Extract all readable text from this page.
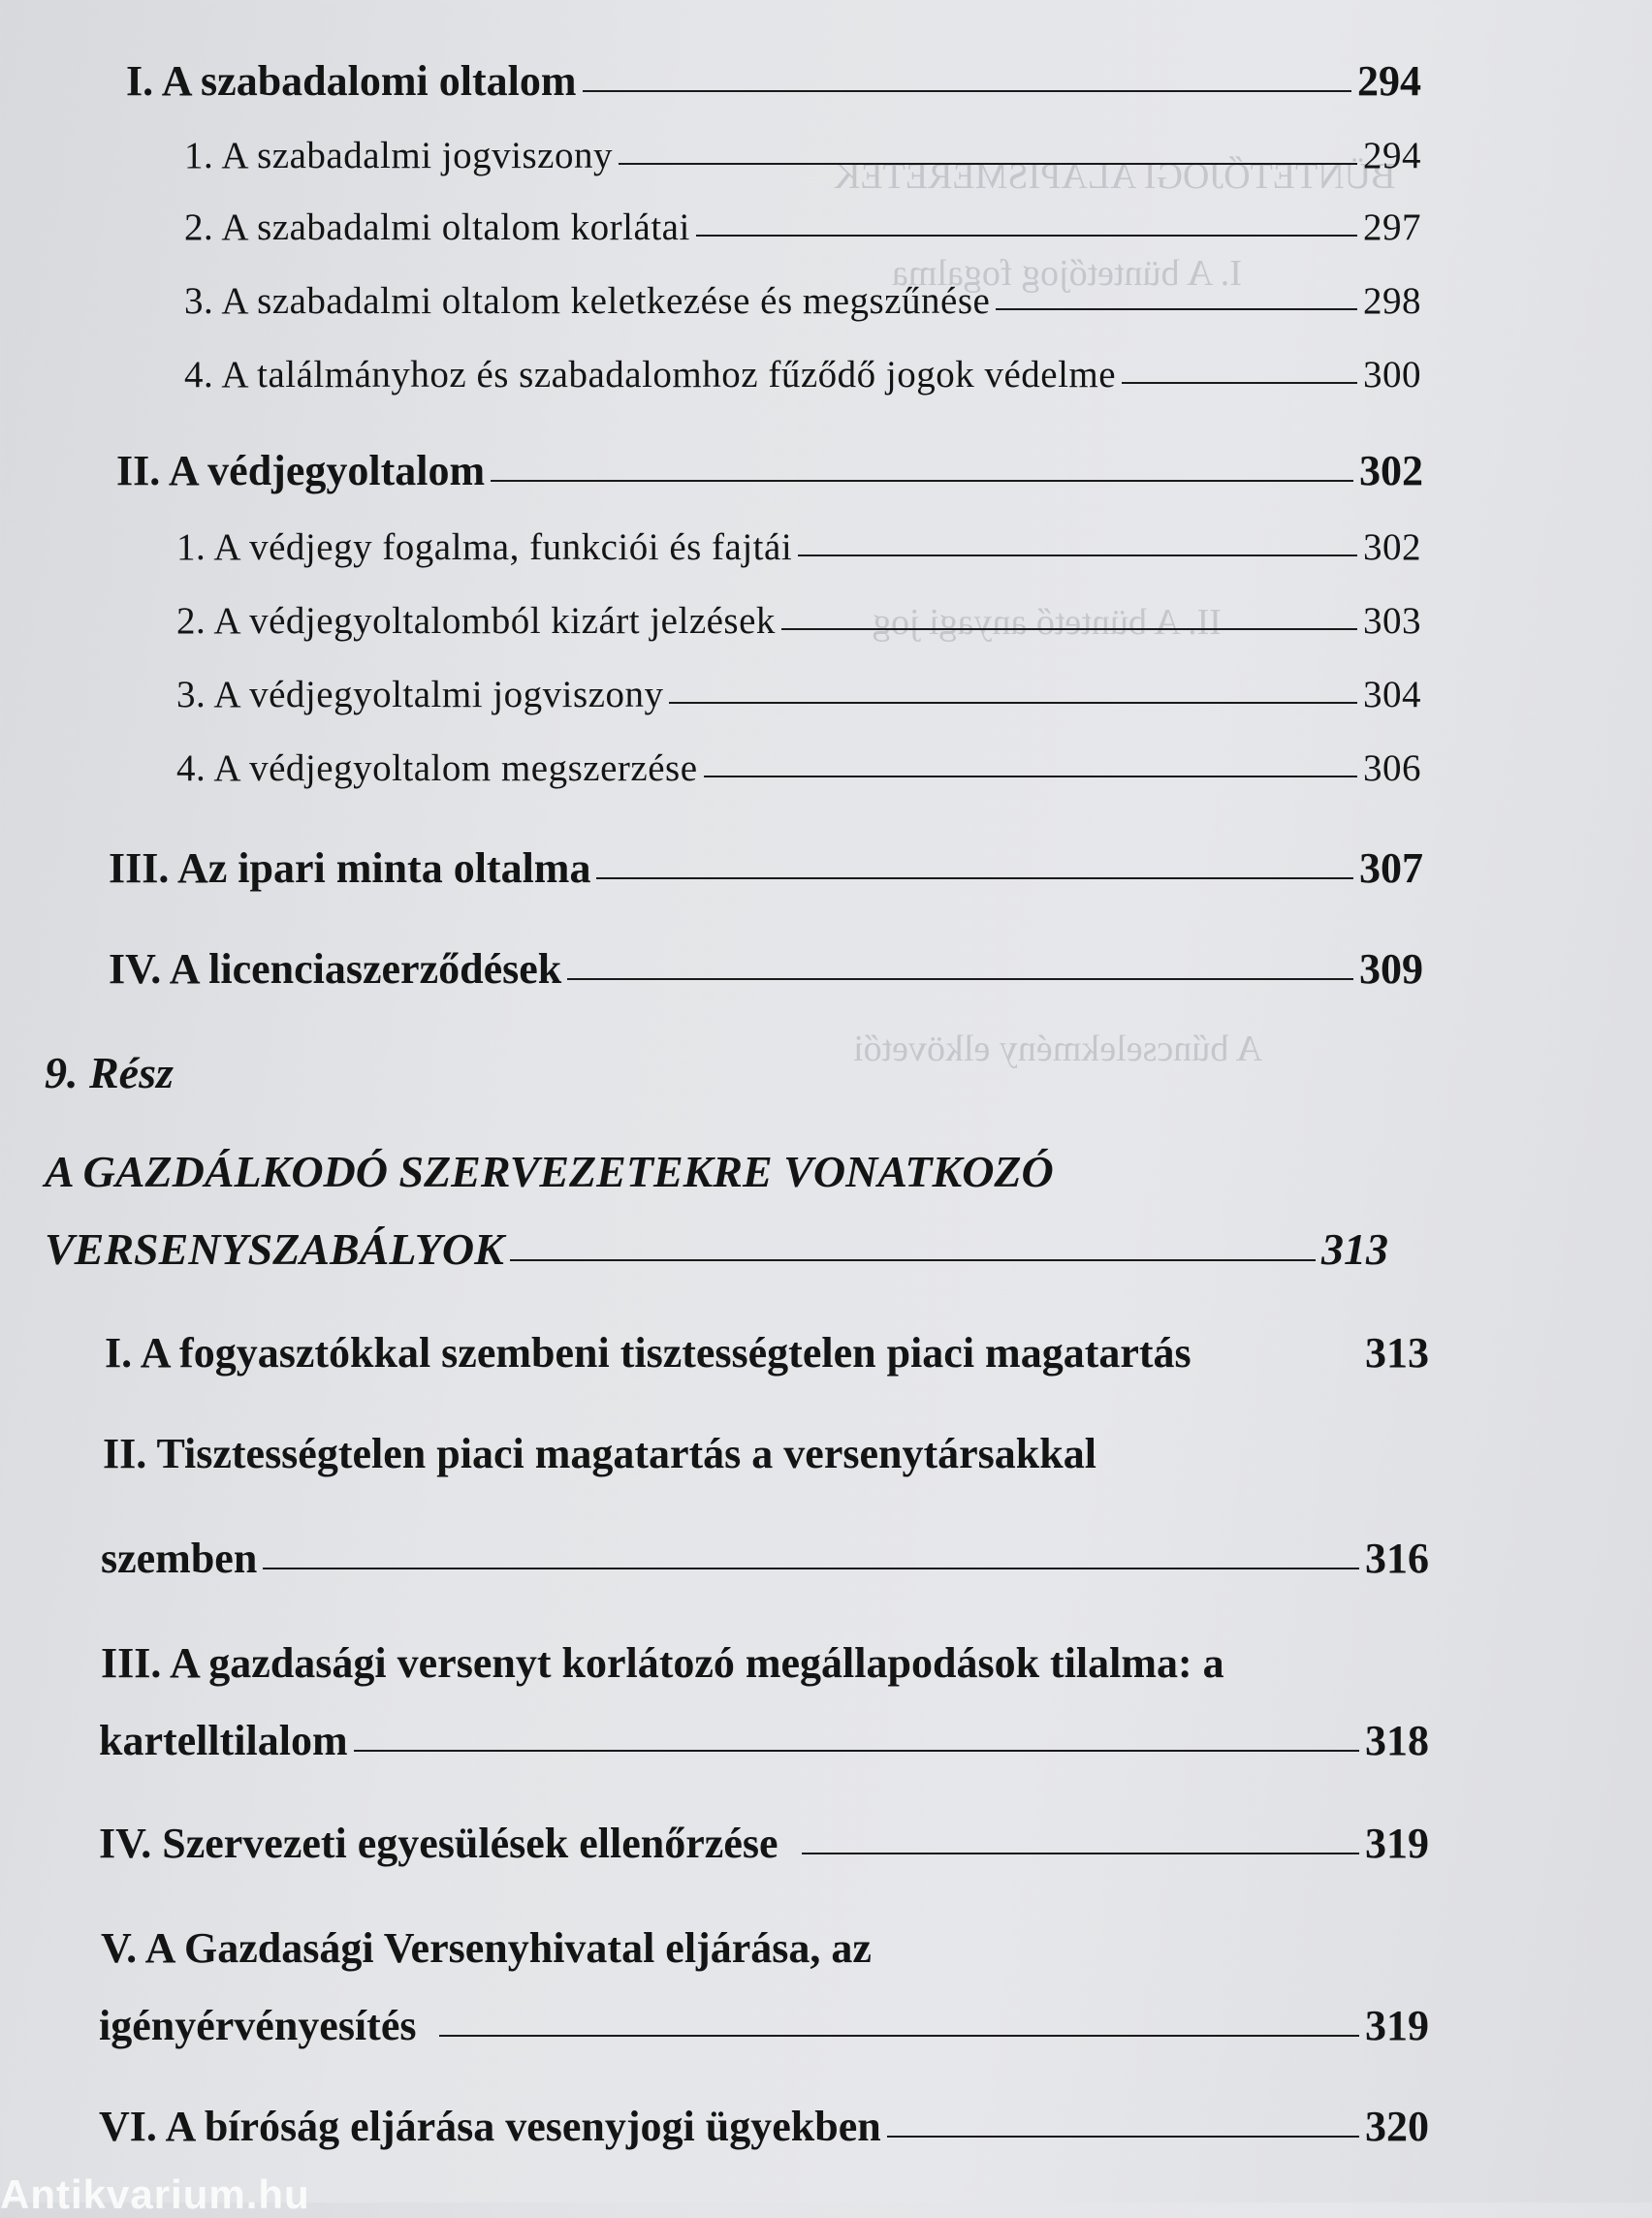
BÜNTETŐJOGI ALAPISMERETEK
I. A büntetőjog fogalma
II. A büntető anyagi jog
A bűncselekmény elkövetői
I. A szabadalomi oltalom	294
1. A szabadalmi jogviszony	294
2. A szabadalmi oltalom korlátai	297
3. A szabadalmi oltalom keletkezése és megszűnése	298
4. A találmányhoz és szabadalomhoz fűződő jogok védelme	300
II. A védjegyoltalom	302
1. A védjegy fogalma, funkciói és fajtái	302
2. A védjegyoltalomból kizárt jelzések	303
3. A védjegyoltalmi jogviszony	304
4. A védjegyoltalom megszerzése	306
III. Az ipari minta oltalma	307
IV. A licenciaszerződések	309
9. Rész
A GAZDÁLKODÓ SZERVEZETEKRE VONATKOZÓ
VERSENYSZABÁLYOK	313
I. A fogyasztókkal szembeni tisztességtelen piaci magatartás	313
II. Tisztességtelen piaci magatartás a versenytársakkal
szemben	316
III. A gazdasági versenyt korlátozó megállapodások tilalma: a
kartelltilalom	318
IV. Szervezeti egyesülések ellenőrzése	319
V. A Gazdasági Versenyhivatal eljárása, az
igényérvényesítés	319
VI. A bíróság eljárása vesenyjogi ügyekben	320
Antikvarium.hu
